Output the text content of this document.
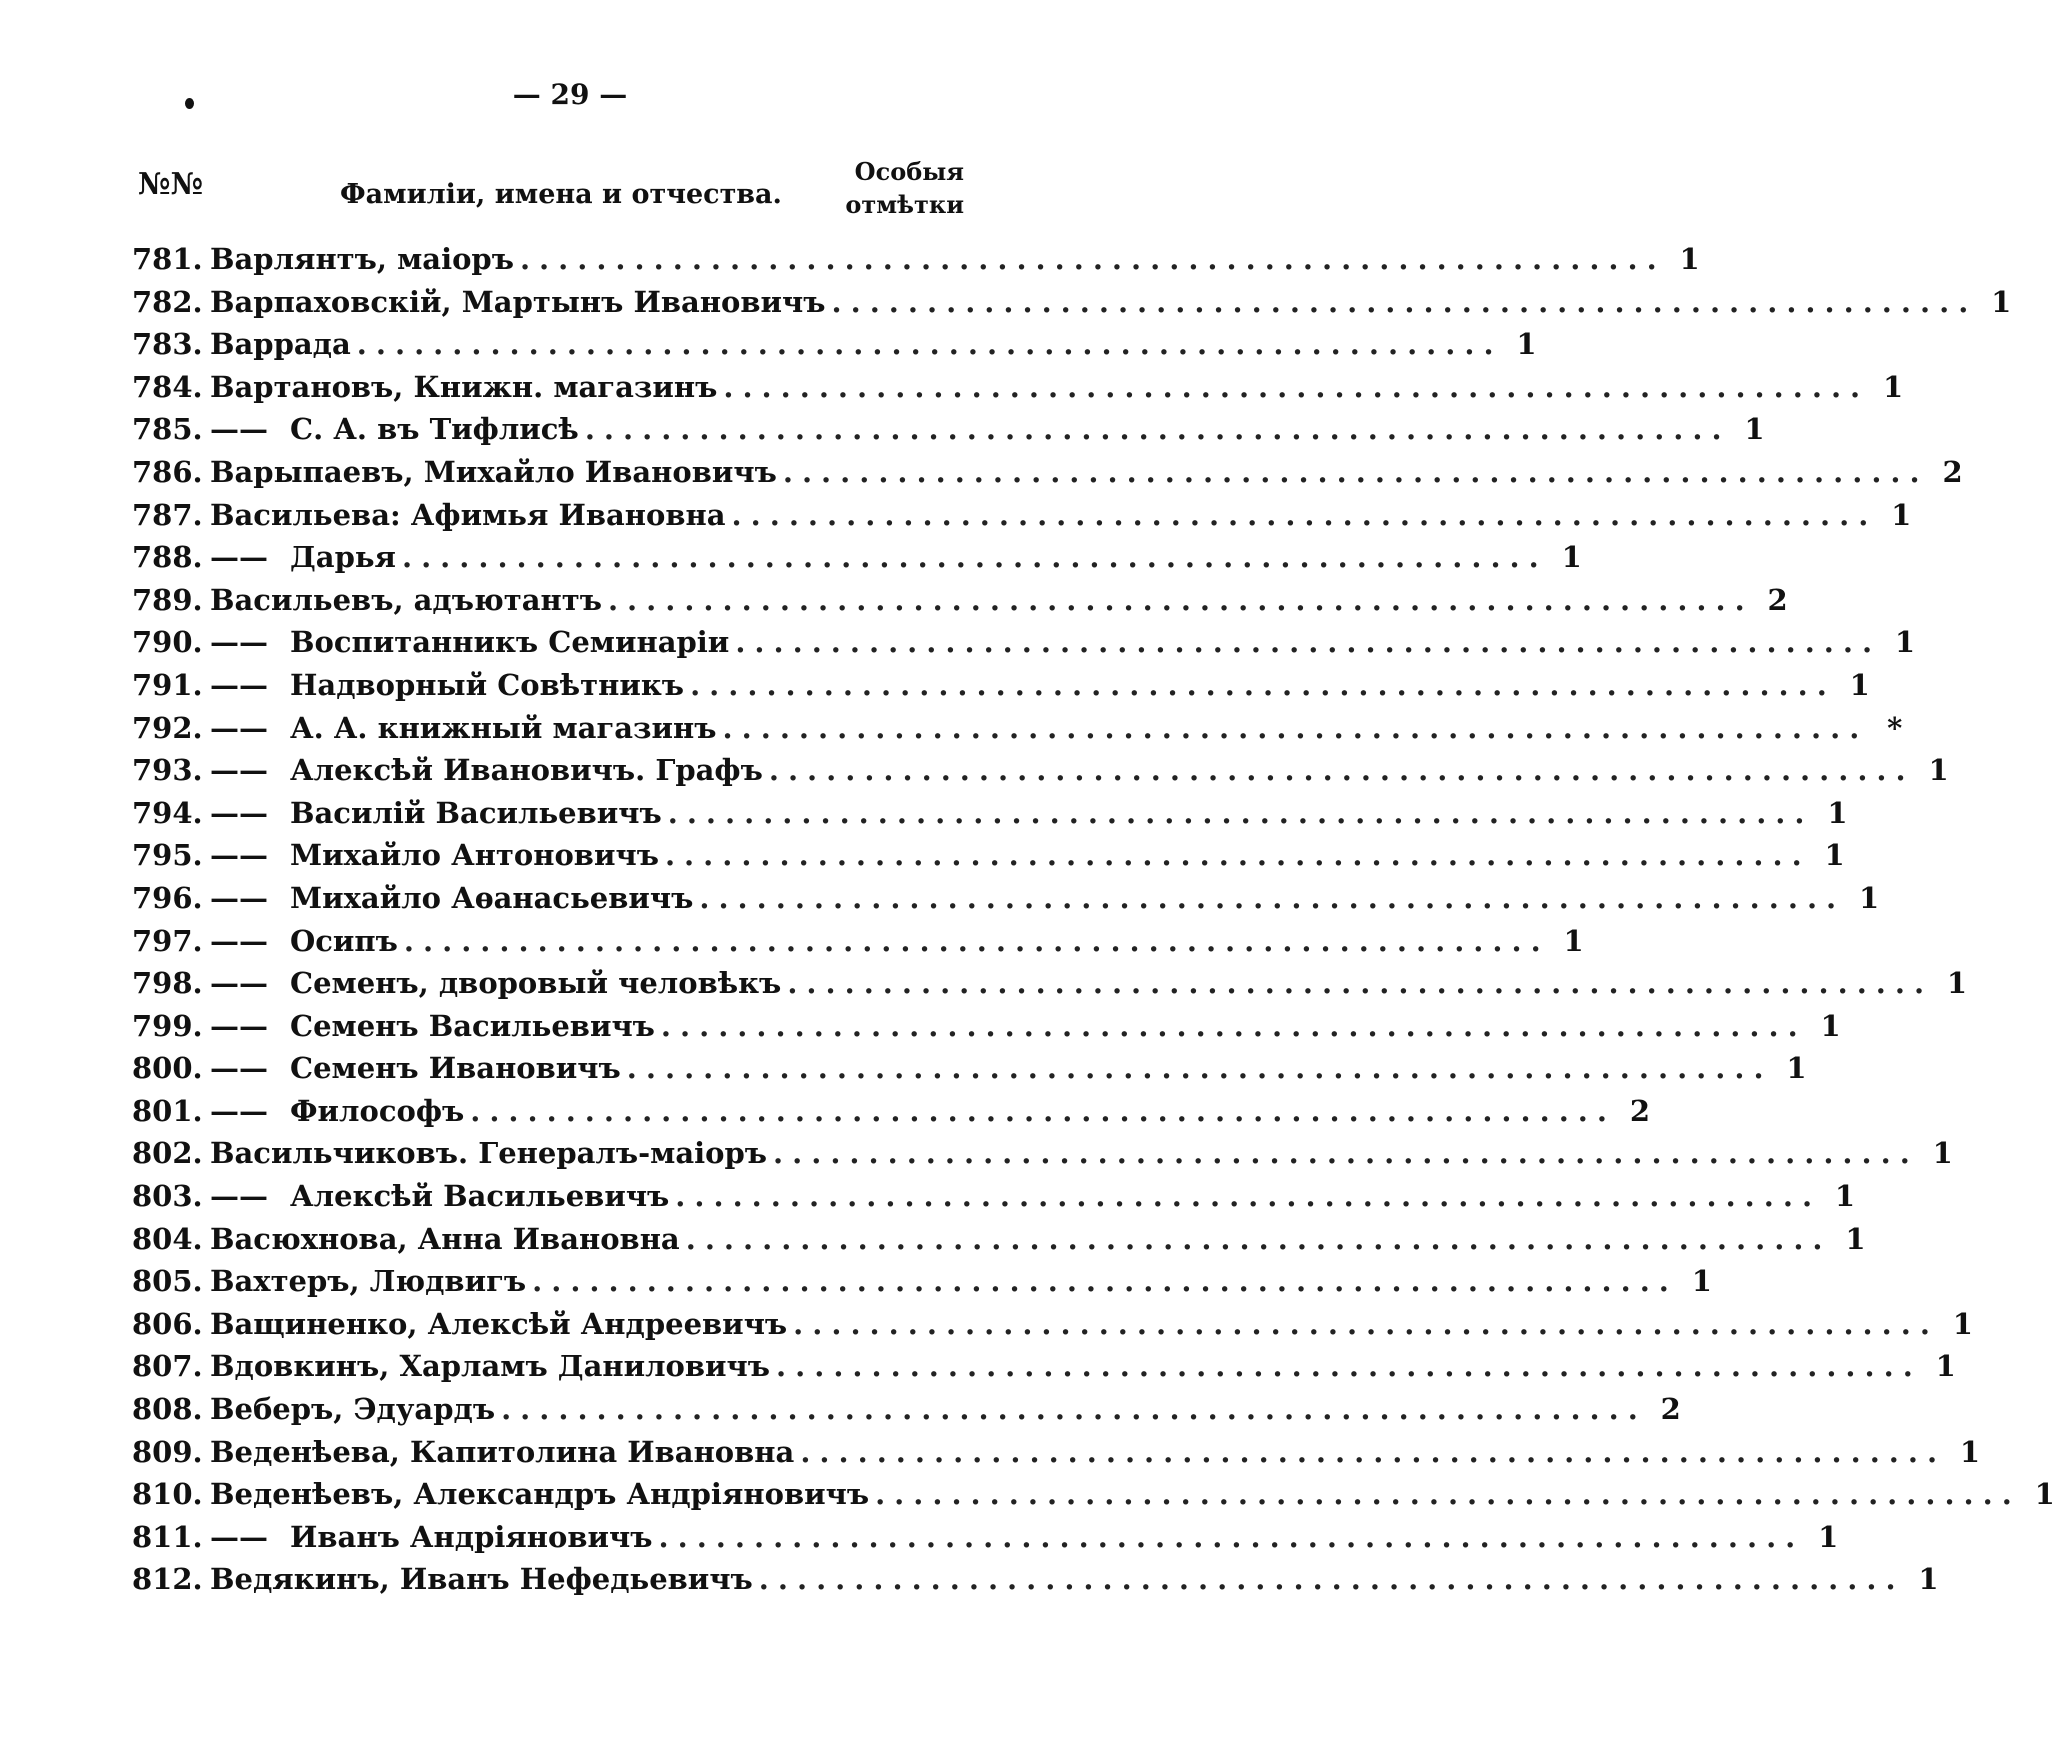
— 29 —
№№	Фамиліи, имена и отчества.
Особыя
отмѣтки
781. Варлянтъ, маіоръ ............................................................ 1
782. Варпаховскій, Мартынъ Ивановичъ ............................................................ 1
783. Варрада ............................................................ 1
784. Вартановъ, Книжн. магазинъ ............................................................ 1
785. —— С. А. въ Тифлисѣ ............................................................ 1
786. Варыпаевъ, Михайло Ивановичъ ............................................................ 2
787. Васильева: Афимья Ивановна ............................................................ 1
788. —— Дарья ............................................................ 1
789. Васильевъ, адъютантъ ............................................................ 2
790. —— Воспитанникъ Семинаріи ............................................................ 1
791. —— Надворный Совѣтникъ ............................................................ 1
792. —— А. А. книжный магазинъ ............................................................ *
793. —— Алексѣй Ивановичъ. Графъ ............................................................ 1
794. —— Василій Васильевичъ ............................................................ 1
795. —— Михайло Антоновичъ ............................................................ 1
796. —— Михайло Аѳанасьевичъ ............................................................ 1
797. —— Осипъ ............................................................ 1
798. —— Семенъ, дворовый человѣкъ ............................................................ 1
799. —— Семенъ Васильевичъ ............................................................ 1
800. —— Семенъ Ивановичъ ............................................................ 1
801. —— Философъ ............................................................ 2
802. Васильчиковъ. Генералъ-маіоръ ............................................................ 1
803. —— Алексѣй Васильевичъ ............................................................ 1
804. Васюхнова, Анна Ивановна ............................................................ 1
805. Вахтеръ, Людвигъ ............................................................ 1
806. Ващиненко, Алексѣй Андреевичъ ............................................................ 1
807. Вдовкинъ, Харламъ Даниловичъ ............................................................ 1
808. Веберъ, Эдуардъ ............................................................ 2
809. Веденѣева, Капитолина Ивановна ............................................................ 1
810. Веденѣевъ, Александръ Андріяновичъ ............................................................ 1
811. —— Иванъ Андріяновичъ ............................................................ 1
812. Ведякинъ, Иванъ Нефедьевичъ ............................................................ 1
